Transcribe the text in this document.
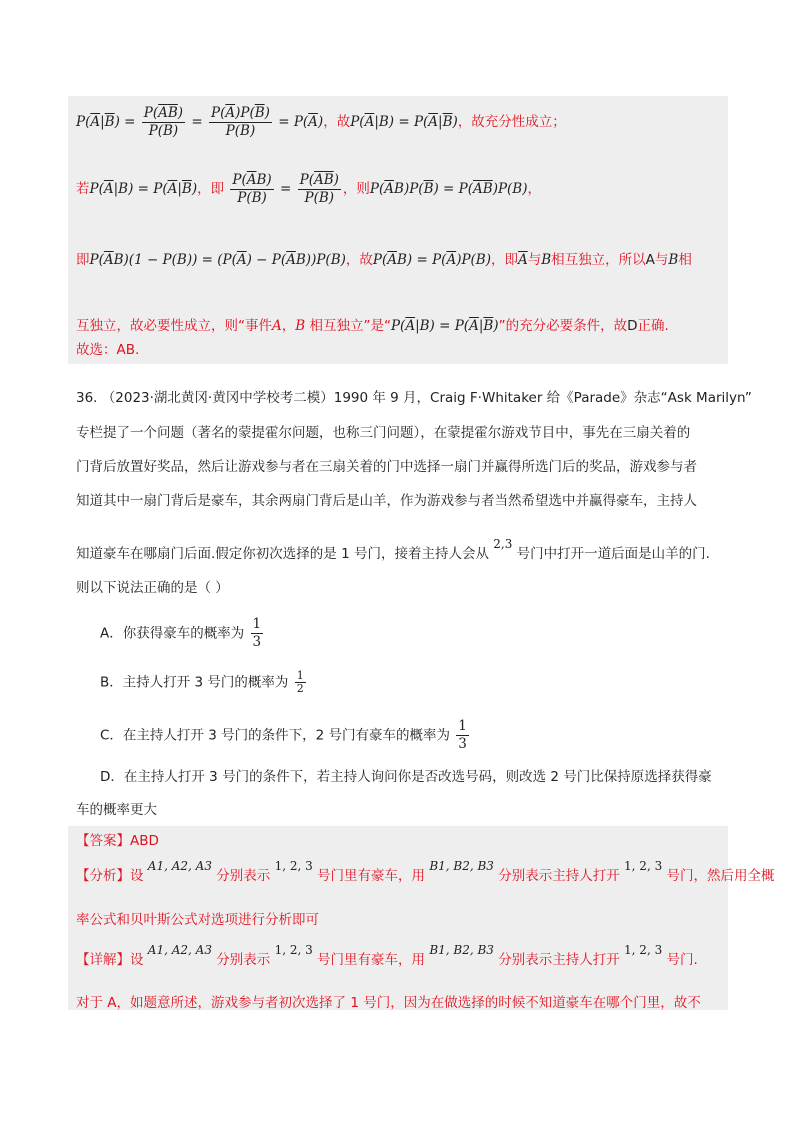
$P(\overline{A}|\overline{B}) = \frac{P(\overline{A}\overline{B})}{P(\overline{B})} = \frac{P(\overline{A})P(\overline{B})}{P(\overline{B})} = P(\overline{A})$，故$P(\overline{A}|B) = P(\overline{A}|\overline{B})$，故充分性成立；
若$P(\overline{A}|B) = P(\overline{A}|\overline{B})$，即 $\frac{P(\overline{A}B)}{P(B)} = \frac{P(\overline{A}\overline{B})}{P(\overline{B})}$ ，则$P(\overline{A}B)P(\overline{B}) = P(\overline{A}\overline{B})P(B)$，
即$P(\overline{A}B)(1 - P(B)) = (P(\overline{A}) - P(\overline{A}B))P(B)$，故$P(\overline{A}B) = P(\overline{A})P(B)$，即$\overline{A}$与B相互独立，所以A与B相
互独立，故必要性成立，则“事件A，B 相互独立”是“$P(\overline{A}|B) = P(\overline{A}|\overline{B})$”的充分必要条件，故D正确.
故选：AB.
36. （2023·湖北黄冈·黄冈中学校考二模）1990 年 9 月，Craig F·Whitaker 给《Parade》杂志“Ask Marilyn”
专栏提了一个问题（著名的蒙提霍尔问题，也称三门问题），在蒙提霍尔游戏节目中，事先在三扇关着的
门背后放置好奖品，然后让游戏参与者在三扇关着的门中选择一扇门并赢得所选门后的奖品，游戏参与者
知道其中一扇门背后是豪车，其余两扇门背后是山羊，作为游戏参与者当然希望选中并赢得豪车，主持人
知道豪车在哪扇门后面.假定你初次选择的是 1 号门，接着主持人会从 2,3 号门中打开一道后面是山羊的门.
则以下说法正确的是（ ）
A．你获得豪车的概率为 $\frac{1}{3}$
B．主持人打开 3 号门的概率为 $\frac{1}{2}$
C．在主持人打开 3 号门的条件下，2 号门有豪车的概率为 $\frac{1}{3}$
D．在主持人打开 3 号门的条件下，若主持人询问你是否改选号码，则改选 2 号门比保持原选择获得豪
车的概率更大
【答案】ABD
【分析】设 A1, A2, A3 分别表示 1, 2, 3 号门里有豪车，用 B1, B2, B3 分别表示主持人打开 1, 2, 3 号门，然后用全概
率公式和贝叶斯公式对选项进行分析即可
【详解】设 A1, A2, A3 分别表示 1, 2, 3 号门里有豪车，用 B1, B2, B3 分别表示主持人打开 1, 2, 3 号门.
对于 A，如题意所述，游戏参与者初次选择了 1 号门，因为在做选择的时候不知道豪车在哪个门里，故不
